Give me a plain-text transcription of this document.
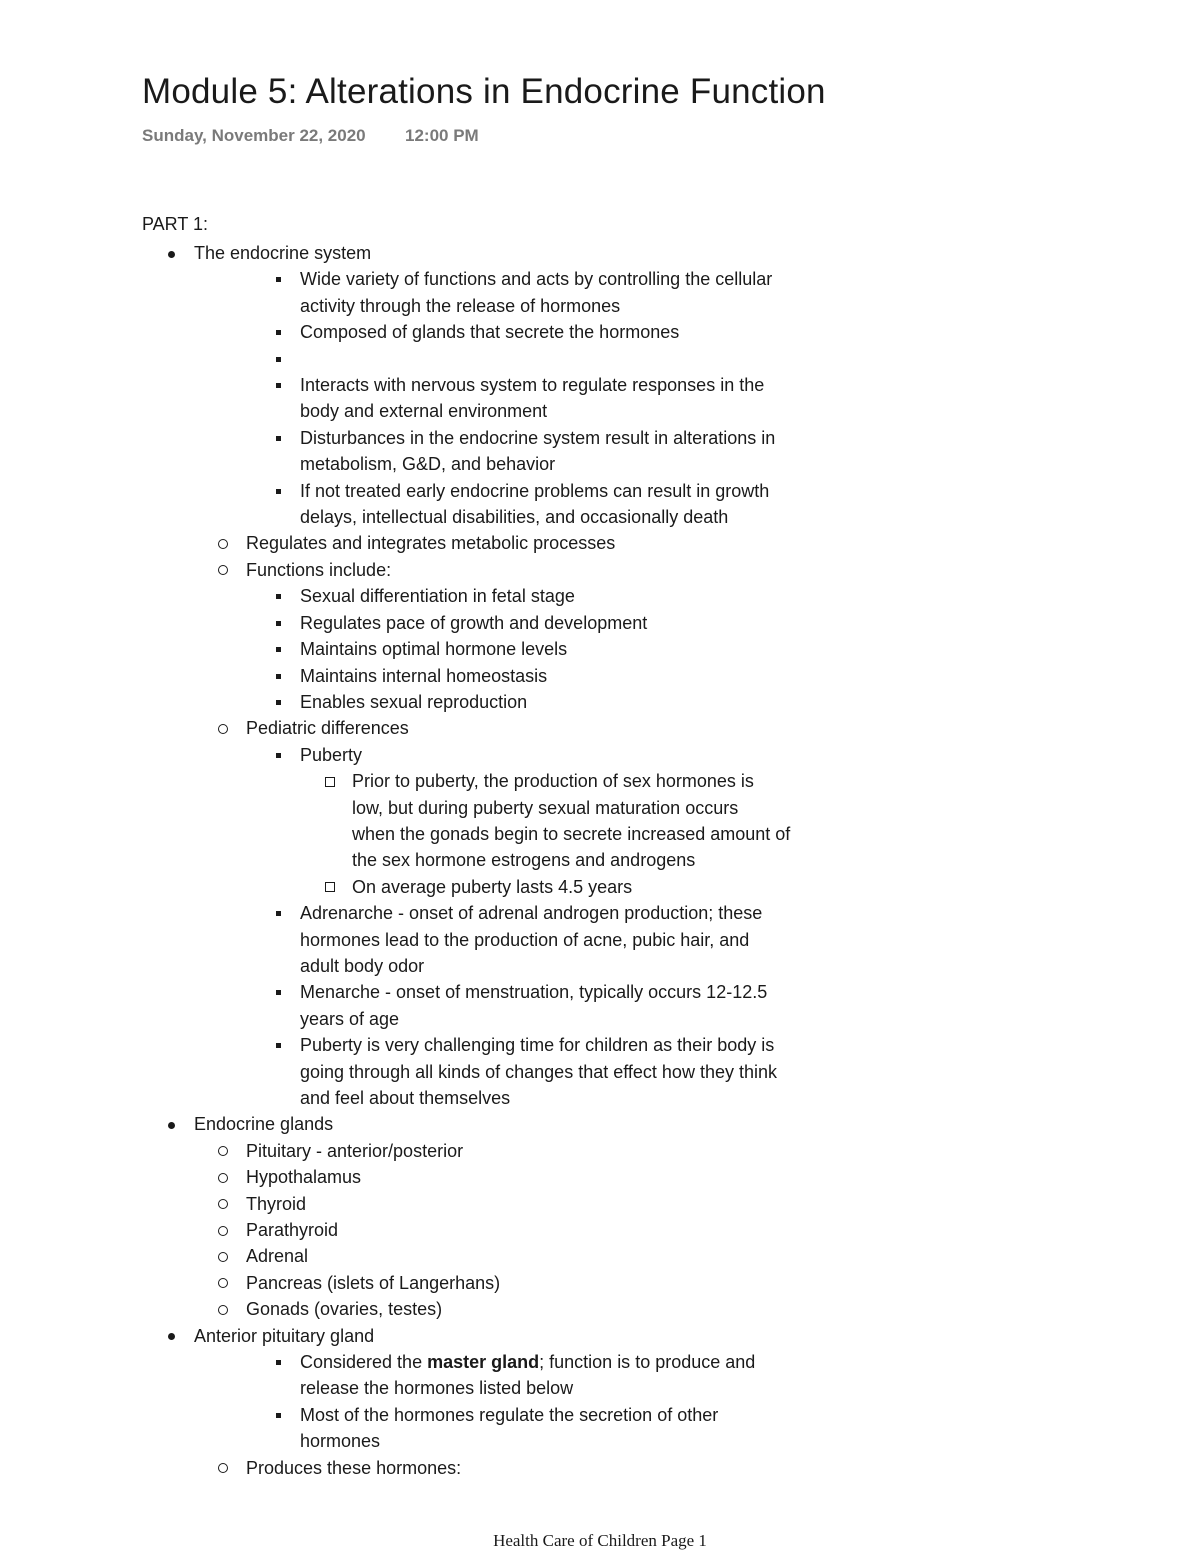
Module 5: Alterations in Endocrine Function
Sunday, November 22, 2020 12:00 PM
PART 1:
The endocrine system
Wide variety of functions and acts by controlling the cellular
activity through the release of hormones
Composed of glands that secrete the hormones

Interacts with nervous system to regulate responses in the
body and external environment
Disturbances in the endocrine system result in alterations in
metabolism, G&D, and behavior
If not treated early endocrine problems can result in growth
delays, intellectual disabilities, and occasionally death
Regulates and integrates metabolic processes
Functions include:
Sexual differentiation in fetal stage
Regulates pace of growth and development
Maintains optimal hormone levels
Maintains internal homeostasis
Enables sexual reproduction
Pediatric differences
Puberty
Prior to puberty, the production of sex hormones is
low, but during puberty sexual maturation occurs
when the gonads begin to secrete increased amount of
the sex hormone estrogens and androgens
On average puberty lasts 4.5 years
Adrenarche - onset of adrenal androgen production; these
hormones lead to the production of acne, pubic hair, and
adult body odor
Menarche - onset of menstruation, typically occurs 12-12.5
years of age
Puberty is very challenging time for children as their body is
going through all kinds of changes that effect how they think
and feel about themselves
Endocrine glands
Pituitary - anterior/posterior
Hypothalamus
Thyroid
Parathyroid
Adrenal
Pancreas (islets of Langerhans)
Gonads (ovaries, testes)
Anterior pituitary gland
Considered the master gland; function is to produce and
release the hormones listed below
Most of the hormones regulate the secretion of other
hormones
Produces these hormones:
Health Care of Children Page 1
